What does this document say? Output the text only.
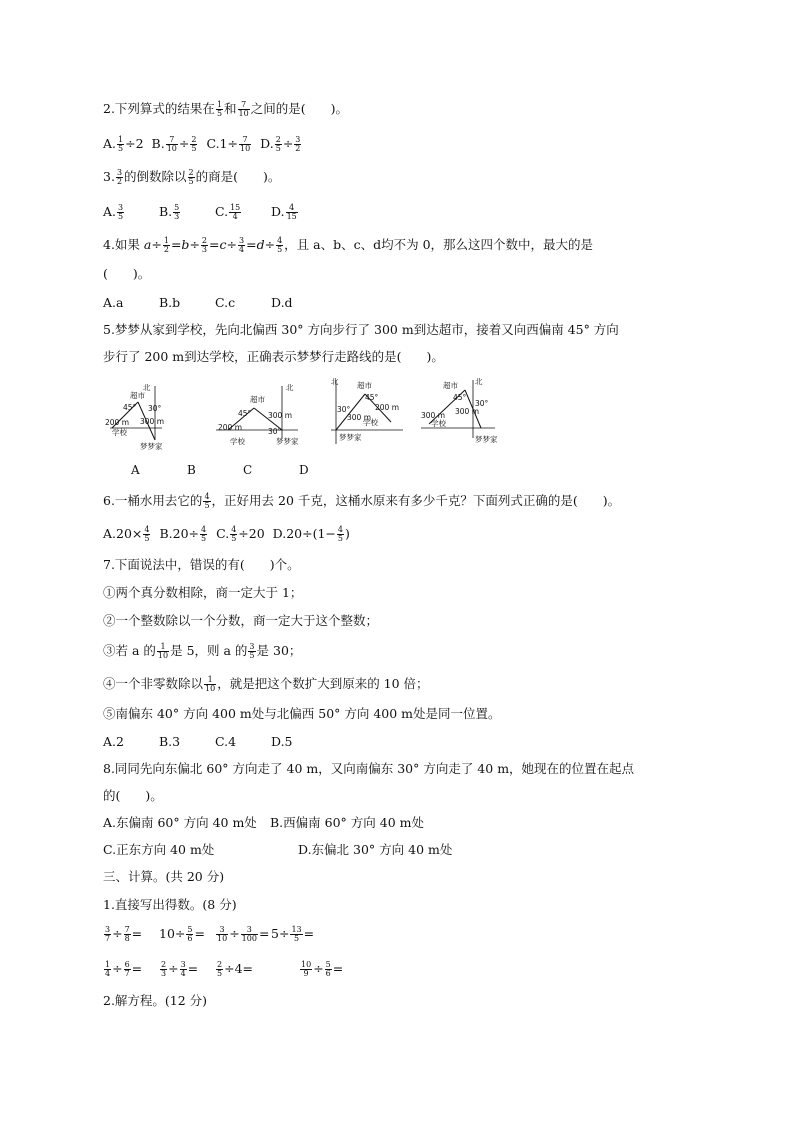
2.下列算式的结果在 $\frac{1}{5}$ 和 $\frac{7}{10}$ 之间的是(　　)。
A. $\frac{1}{5} \div 2$ B. $\frac{7}{10} \div \frac{2}{5} C.1\div \frac{7}{10} D$. $\frac{2}{5} \div \frac{3}{2}$
3. $\frac{3}{2}$ 的倒数除以 $\frac{2}{5}$ 的商是(　　)。
A. $\frac{3}{5}$	B. $\frac{5}{3}$	C. $\frac{15}{4} D$. $\frac{4}{15}$
4.如果 $a\div \frac{1}{2} =b\div \frac{2}{3} =c\div \frac{3}{4} =d\div \frac{4}{5}$ ，且 a、b、c、d均不为 0，那么这四个数中，最大的是
(　　)。
A.a	B.b	C.c	D.d
5.梦梦从家到学校，先向北偏西 30° 方向步行了 300 m到达超市，接着又向西偏南 45° 方向
步行了 200 m到达学校，正确表示梦梦行走路线的是(　　)。
北
超市
45° 30°
200 m 300 m
学校
梦梦家
北
超市
45° 300 m
200 m	30°
学校	梦梦家
北 超市
45°
30°
300 m
200 m
学校
梦梦家
北
超市
45°
30°
300 m 300 m
学校
梦梦家
A	B	C	D
6.一桶水用去它的 $\frac{4}{5}$ ，正好用去 20 千克，这桶水原来有多少千克？下面列式正确的是(　　)。
$A.20\times \frac{4}{5} B.20\div \frac{4}{5} C$. $\frac{4}{5} \div 20$ $D.20\div(1- \frac{4}{5}$ )
7.下面说法中，错误的有(　　)个。
①两个真分数相除，商一定大于 1；
②一个整数除以一个分数，商一定大于这个整数；
③若 a 的 $\frac{1}{10}$ 是 5，则 a 的 $\frac{3}{5}$ 是 30；
④一个非零数除以 $\frac{1}{10}$ ，就是把这个数扩大到原来的 10 倍；
⑤南偏东 40° 方向 400 m处与北偏西 50° 方向 400 m处是同一位置。
A.2	B.3	C.4	D.5
8.同同先向东偏北 60° 方向走了 40 m，又向南偏东 30° 方向走了 40 m，她现在的位置在起点
的(　　)。
A.东偏南 60° 方向 40 m处 B.西偏南 60° 方向 40 m处
C.正东方向 40 m处	D.东偏北 30° 方向 40 m处
三、计算。(共 20 分)
1.直接写出得数。(8 分)
$\frac{3}{7} \div \frac{7}{8} = 10\div \frac{5}{6} = \frac{3}{10} \div \frac{3}{100} = 5\div \frac{13}{5}$ =
$\frac{1}{4} \div \frac{6}{7} = \frac{2}{3} \div \frac{3}{4} = \frac{2}{5} \div 4=$	$\frac{10}{9} \div \frac{5}{6}$ =
2.解方程。(12 分)
